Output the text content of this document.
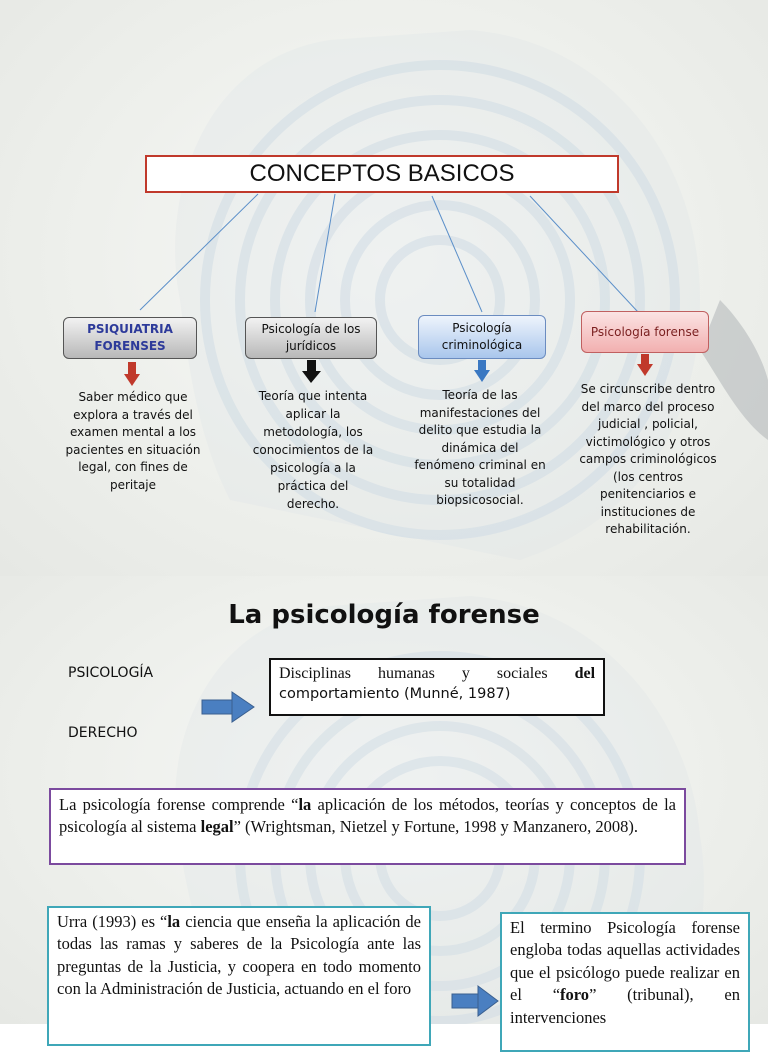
CONCEPTOS BASICOS
PSIQUIATRIA FORENSES
Psicología de los jurídicos
Psicología criminológica
Psicología forense
Saber médico que explora a través del examen mental a los pacientes en situación legal, con fines de peritaje
Teoría que intenta aplicar la metodología, los conocimientos de la psicología a la práctica del derecho.
Teoría de las manifestaciones del delito que estudia la dinámica del fenómeno criminal en su totalidad biopsicosocial.
Se circunscribe dentro del marco del proceso judicial , policial, victimológico y otros campos criminológicos (los centros penitenciarios e instituciones de rehabilitación.
La psicología forense
PSICOLOGÍA
DERECHO
Disciplinas humanas y sociales del comportamiento (Munné, 1987)
La psicología forense comprende “la aplicación de los métodos, teorías y conceptos de la psicología al sistema legal” (Wrightsman, Nietzel y Fortune, 1998 y Manzanero, 2008).
Urra (1993) es “la ciencia que enseña la aplicación de todas las ramas y saberes de la Psicología ante las preguntas de la Justicia, y coopera en todo momento con la Administración de Justicia, actuando en el foro
El termino Psicología forense engloba todas aquellas actividades que el psicólogo puede realizar en el “foro” (tribunal), en intervenciones
